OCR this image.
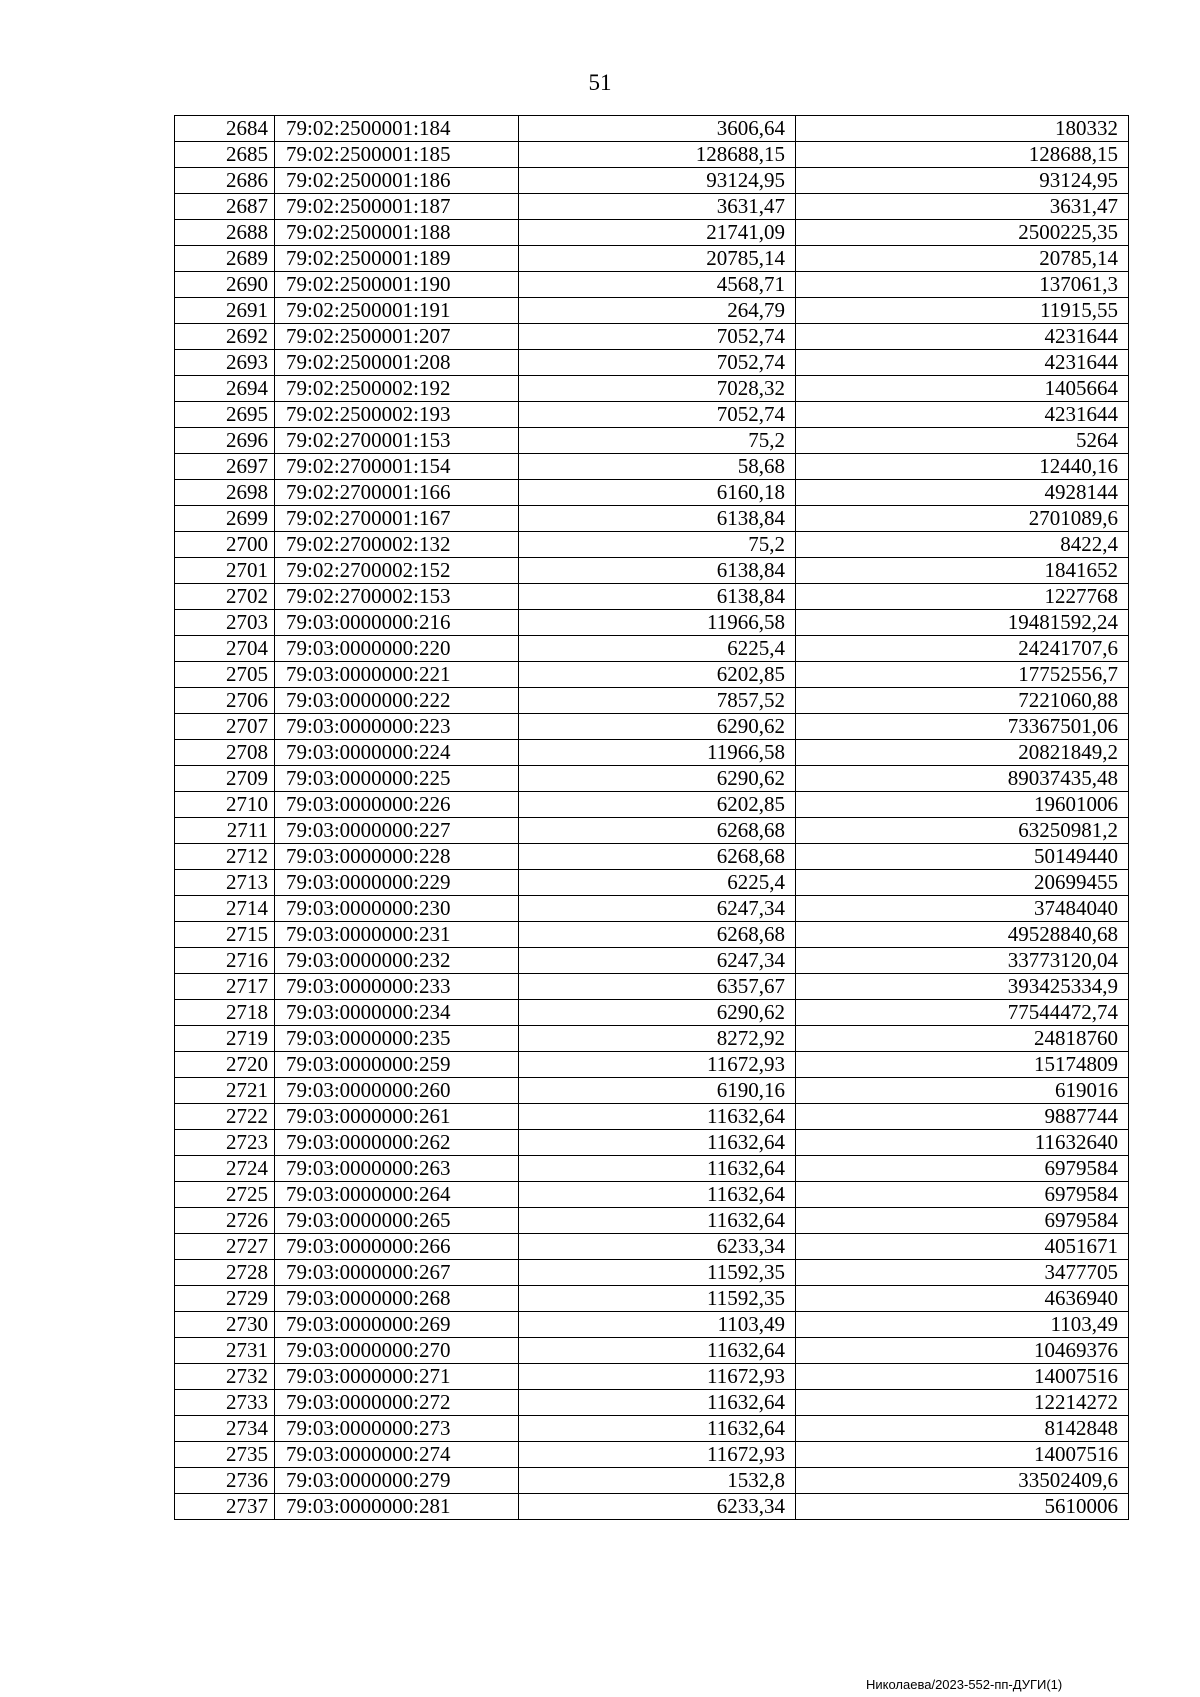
51
2684	79:02:2500001:184	3606,64	180332
2685	79:02:2500001:185	128688,15	128688,15
2686	79:02:2500001:186	93124,95	93124,95
2687	79:02:2500001:187	3631,47	3631,47
2688	79:02:2500001:188	21741,09	2500225,35
2689	79:02:2500001:189	20785,14	20785,14
2690	79:02:2500001:190	4568,71	137061,3
2691	79:02:2500001:191	264,79	11915,55
2692	79:02:2500001:207	7052,74	4231644
2693	79:02:2500001:208	7052,74	4231644
2694	79:02:2500002:192	7028,32	1405664
2695	79:02:2500002:193	7052,74	4231644
2696	79:02:2700001:153	75,2	5264
2697	79:02:2700001:154	58,68	12440,16
2698	79:02:2700001:166	6160,18	4928144
2699	79:02:2700001:167	6138,84	2701089,6
2700	79:02:2700002:132	75,2	8422,4
2701	79:02:2700002:152	6138,84	1841652
2702	79:02:2700002:153	6138,84	1227768
2703	79:03:0000000:216	11966,58	19481592,24
2704	79:03:0000000:220	6225,4	24241707,6
2705	79:03:0000000:221	6202,85	17752556,7
2706	79:03:0000000:222	7857,52	7221060,88
2707	79:03:0000000:223	6290,62	73367501,06
2708	79:03:0000000:224	11966,58	20821849,2
2709	79:03:0000000:225	6290,62	89037435,48
2710	79:03:0000000:226	6202,85	19601006
2711	79:03:0000000:227	6268,68	63250981,2
2712	79:03:0000000:228	6268,68	50149440
2713	79:03:0000000:229	6225,4	20699455
2714	79:03:0000000:230	6247,34	37484040
2715	79:03:0000000:231	6268,68	49528840,68
2716	79:03:0000000:232	6247,34	33773120,04
2717	79:03:0000000:233	6357,67	393425334,9
2718	79:03:0000000:234	6290,62	77544472,74
2719	79:03:0000000:235	8272,92	24818760
2720	79:03:0000000:259	11672,93	15174809
2721	79:03:0000000:260	6190,16	619016
2722	79:03:0000000:261	11632,64	9887744
2723	79:03:0000000:262	11632,64	11632640
2724	79:03:0000000:263	11632,64	6979584
2725	79:03:0000000:264	11632,64	6979584
2726	79:03:0000000:265	11632,64	6979584
2727	79:03:0000000:266	6233,34	4051671
2728	79:03:0000000:267	11592,35	3477705
2729	79:03:0000000:268	11592,35	4636940
2730	79:03:0000000:269	1103,49	1103,49
2731	79:03:0000000:270	11632,64	10469376
2732	79:03:0000000:271	11672,93	14007516
2733	79:03:0000000:272	11632,64	12214272
2734	79:03:0000000:273	11632,64	8142848
2735	79:03:0000000:274	11672,93	14007516
2736	79:03:0000000:279	1532,8	33502409,6
2737	79:03:0000000:281	6233,34	5610006
Николаева/2023-552-пп-ДУГИ(1)
